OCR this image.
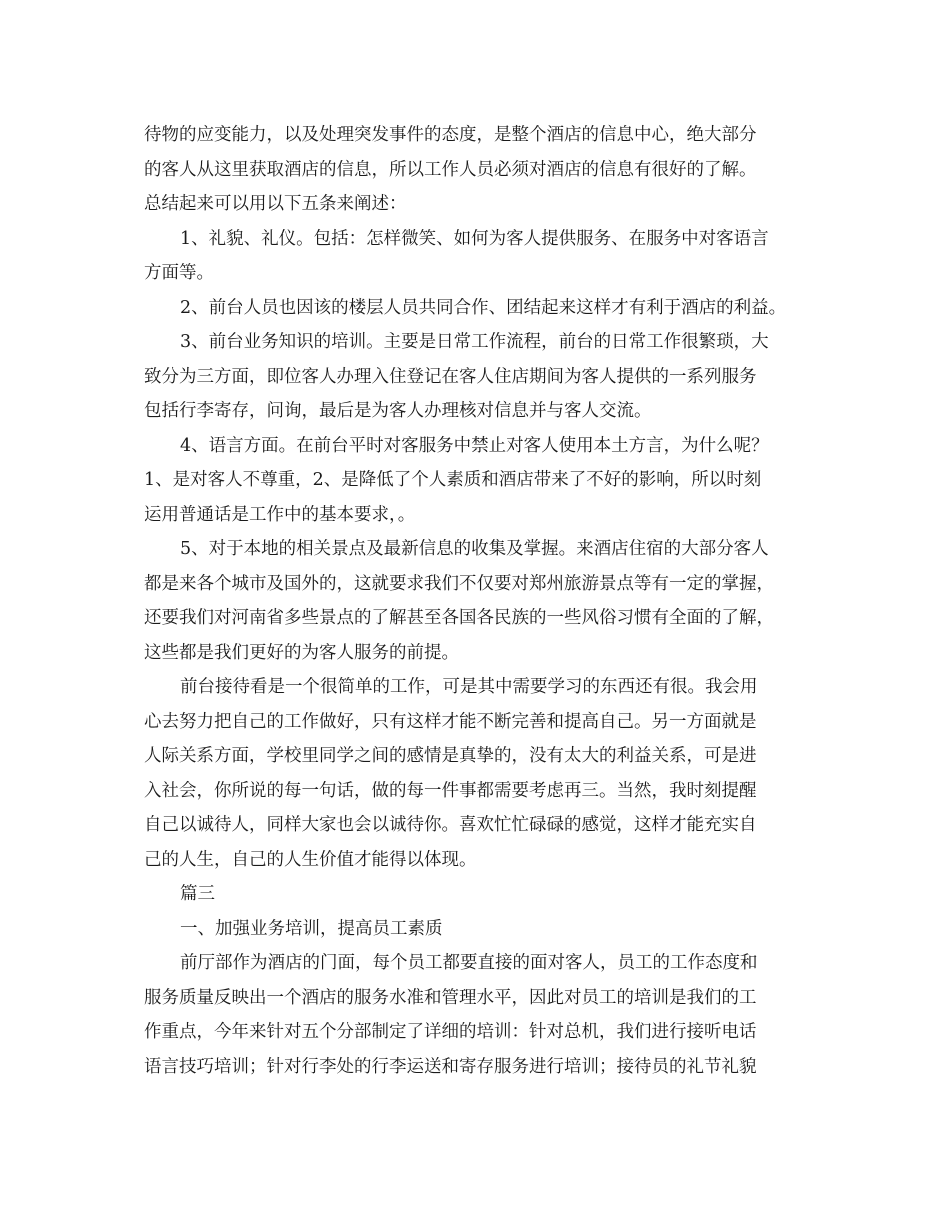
待物的应变能力，以及处理突发事件的态度，是整个酒店的信息中心，绝大部分
的客人从这里获取酒店的信息，所以工作人员必须对酒店的信息有很好的了解。
总结起来可以用以下五条来阐述：
1、礼貌、礼仪。包括：怎样微笑、如何为客人提供服务、在服务中对客语言
方面等。
2、前台人员也因该的楼层人员共同合作、团结起来这样才有利于酒店的利益。
3、前台业务知识的培训。主要是日常工作流程，前台的日常工作很繁琐，大
致分为三方面，即位客人办理入住登记在客人住店期间为客人提供的一系列服务
包括行李寄存，问询，最后是为客人办理核对信息并与客人交流。
4、语言方面。在前台平时对客服务中禁止对客人使用本土方言，为什么呢？
1、是对客人不尊重，2、是降低了个人素质和酒店带来了不好的影响，所以时刻
运用普通话是工作中的基本要求，。
5、对于本地的相关景点及最新信息的收集及掌握。来酒店住宿的大部分客人
都是来各个城市及国外的，这就要求我们不仅要对郑州旅游景点等有一定的掌握，
还要我们对河南省多些景点的了解甚至各国各民族的一些风俗习惯有全面的了解，
这些都是我们更好的为客人服务的前提。
前台接待看是一个很简单的工作，可是其中需要学习的东西还有很。我会用
心去努力把自己的工作做好，只有这样才能不断完善和提高自己。另一方面就是
人际关系方面，学校里同学之间的感情是真挚的，没有太大的利益关系，可是进
入社会，你所说的每一句话，做的每一件事都需要考虑再三。当然，我时刻提醒
自己以诚待人，同样大家也会以诚待你。喜欢忙忙碌碌的感觉，这样才能充实自
己的人生，自己的人生价值才能得以体现。
篇三
一、加强业务培训，提高员工素质
前厅部作为酒店的门面，每个员工都要直接的面对客人，员工的工作态度和
服务质量反映出一个酒店的服务水准和管理水平，因此对员工的培训是我们的工
作重点，今年来针对五个分部制定了详细的培训：针对总机，我们进行接听电话
语言技巧培训；针对行李处的行李运送和寄存服务进行培训；接待员的礼节礼貌
